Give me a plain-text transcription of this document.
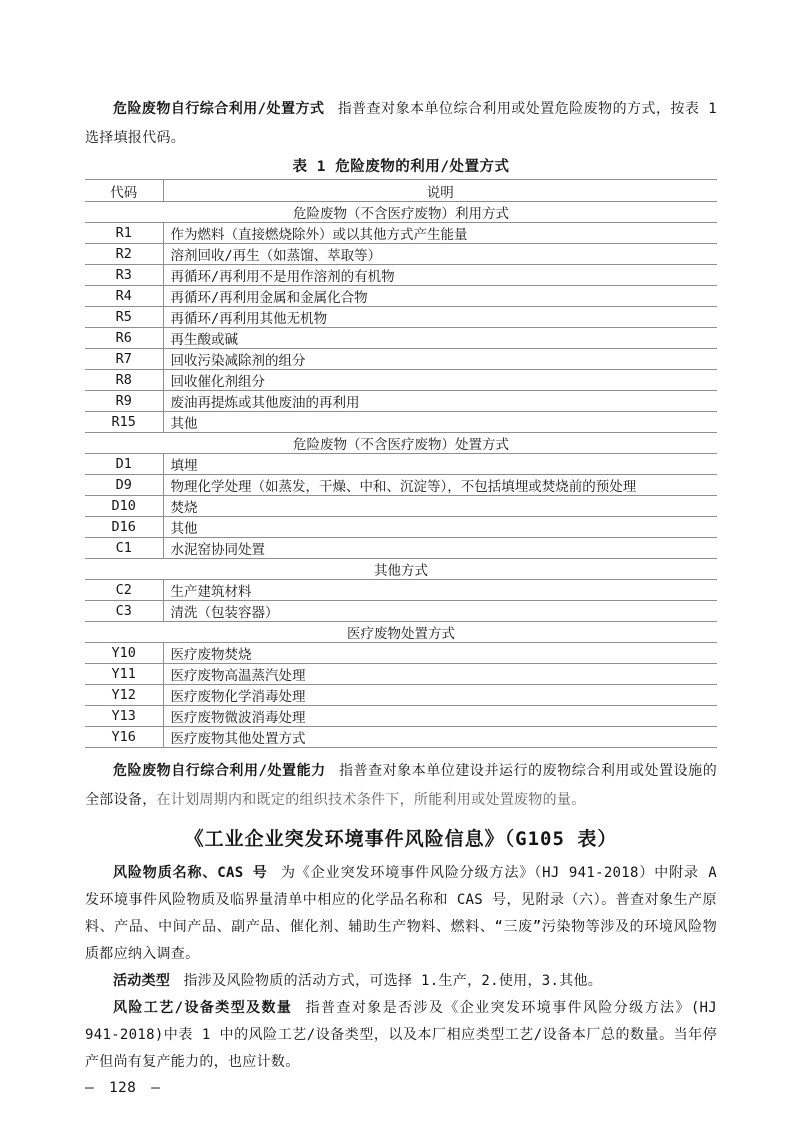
危险废物自行综合利用/处置方式 指普查对象本单位综合利用或处置危险废物的方式，按表 1 选择填报代码。

表 1 危险废物的利用/处置方式
代码	说明
危险废物（不含医疗废物）利用方式	
R1	作为燃料（直接燃烧除外）或以其他方式产生能量
R2	溶剂回收/再生（如蒸馏、萃取等）
R3	再循环/再利用不是用作溶剂的有机物
R4	再循环/再利用金属和金属化合物
R5	再循环/再利用其他无机物
R6	再生酸或碱
R7	回收污染减除剂的组分
R8	回收催化剂组分
R9	废油再提炼或其他废油的再利用
R15	其他
危险废物（不含医疗废物）处置方式	
D1	填埋
D9	物理化学处理（如蒸发，干燥、中和、沉淀等），不包括填埋或焚烧前的预处理
D10	焚烧
D16	其他
C1	水泥窑协同处置
其他方式	
C2	生产建筑材料
C3	清洗（包装容器）
医疗废物处置方式	
Y10	医疗废物焚烧
Y11	医疗废物高温蒸汽处理
Y12	医疗废物化学消毒处理
Y13	医疗废物微波消毒处理
Y16	医疗废物其他处置方式

危险废物自行综合利用/处置能力 指普查对象本单位建设并运行的废物综合利用或处置设施的全部设备，在计划周期内和既定的组织技术条件下，所能利用或处置废物的量。

《工业企业突发环境事件风险信息》（G105 表）

风险物质名称、CAS 号 为《企业突发环境事件风险分级方法》（HJ 941-2018）中附录 A 发环境事件风险物质及临界量清单中相应的化学品名称和 CAS 号，见附录（六）。普查对象生产原料、产品、中间产品、副产品、催化剂、辅助生产物料、燃料、“三废”污染物等涉及的环境风险物质都应纳入调查。

活动类型 指涉及风险物质的活动方式，可选择 1.生产，2.使用，3.其他。

风险工艺/设备类型及数量 指普查对象是否涉及《企业突发环境事件风险分级方法》(HJ 941-2018)中表 1 中的风险工艺/设备类型，以及本厂相应类型工艺/设备本厂总的数量。当年停产但尚有复产能力的，也应计数。

— 128 —
